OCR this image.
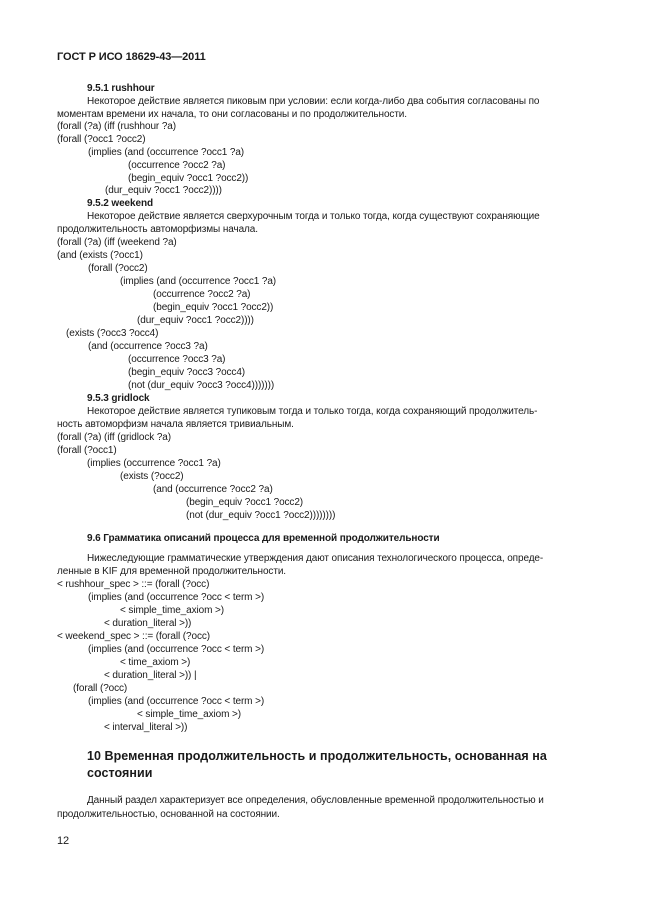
ГОСТ Р ИСО 18629-43—2011
9.5.1 rushhour
Некоторое действие является пиковым при условии: если когда-либо два события согласованы по
моментам времени их начала, то они согласованы и по продолжительности.
(forall (?a) (iff (rushhour ?a)
(forall (?occ1 ?occ2)
(implies (and (occurrence ?occ1 ?a)
(occurrence ?occ2 ?a)
(begin_equiv ?occ1 ?occ2))
(dur_equiv ?occ1 ?occ2))))
9.5.2 weekend
Некоторое действие является сверхурочным тогда и только тогда, когда существуют сохраняющие
продолжительность автоморфизмы начала.
(forall (?a) (iff (weekend ?a)
(and (exists (?occ1)
(forall (?occ2)
(implies (and (occurrence ?occ1 ?a)
(occurrence ?occ2 ?a)
(begin_equiv ?occ1 ?occ2))
(dur_equiv ?occ1 ?occ2))))
(exists (?occ3 ?occ4)
(and (occurrence ?occ3 ?a)
(occurrence ?occ3 ?a)
(begin_equiv ?occ3 ?occ4)
(not (dur_equiv ?occ3 ?occ4)))))))
9.5.3 gridlock
Некоторое действие является тупиковым тогда и только тогда, когда сохраняющий продолжитель-
ность автоморфизм начала является тривиальным.
(forall (?a) (iff (gridlock ?a)
(forall (?occ1)
(implies (occurrence ?occ1 ?a)
(exists (?occ2)
(and (occurrence ?occ2 ?a)
(begin_equiv ?occ1 ?occ2)
(not (dur_equiv ?occ1 ?occ2))))))))
9.6 Грамматика описаний процесса для временной продолжительности
Нижеследующие грамматические утверждения дают описания технологического процесса, опреде-
ленные в KIF для временной продолжительности.
< rushhour_spec > ::= (forall (?occ)
(implies (and (occurrence ?occ < term >)
< simple_time_axiom >)
< duration_literal >))
< weekend_spec > ::= (forall (?occ)
(implies (and (occurrence ?occ < term >)
< time_axiom >)
< duration_literal >)) |
(forall (?occ)
(implies (and (occurrence ?occ < term >)
< simple_time_axiom >)
< interval_literal >))
10 Временная продолжительность и продолжительность, основанная на
состоянии
Данный раздел характеризует все определения, обусловленные временной продолжительностью и
продолжительностью, основанной на состоянии.
12
